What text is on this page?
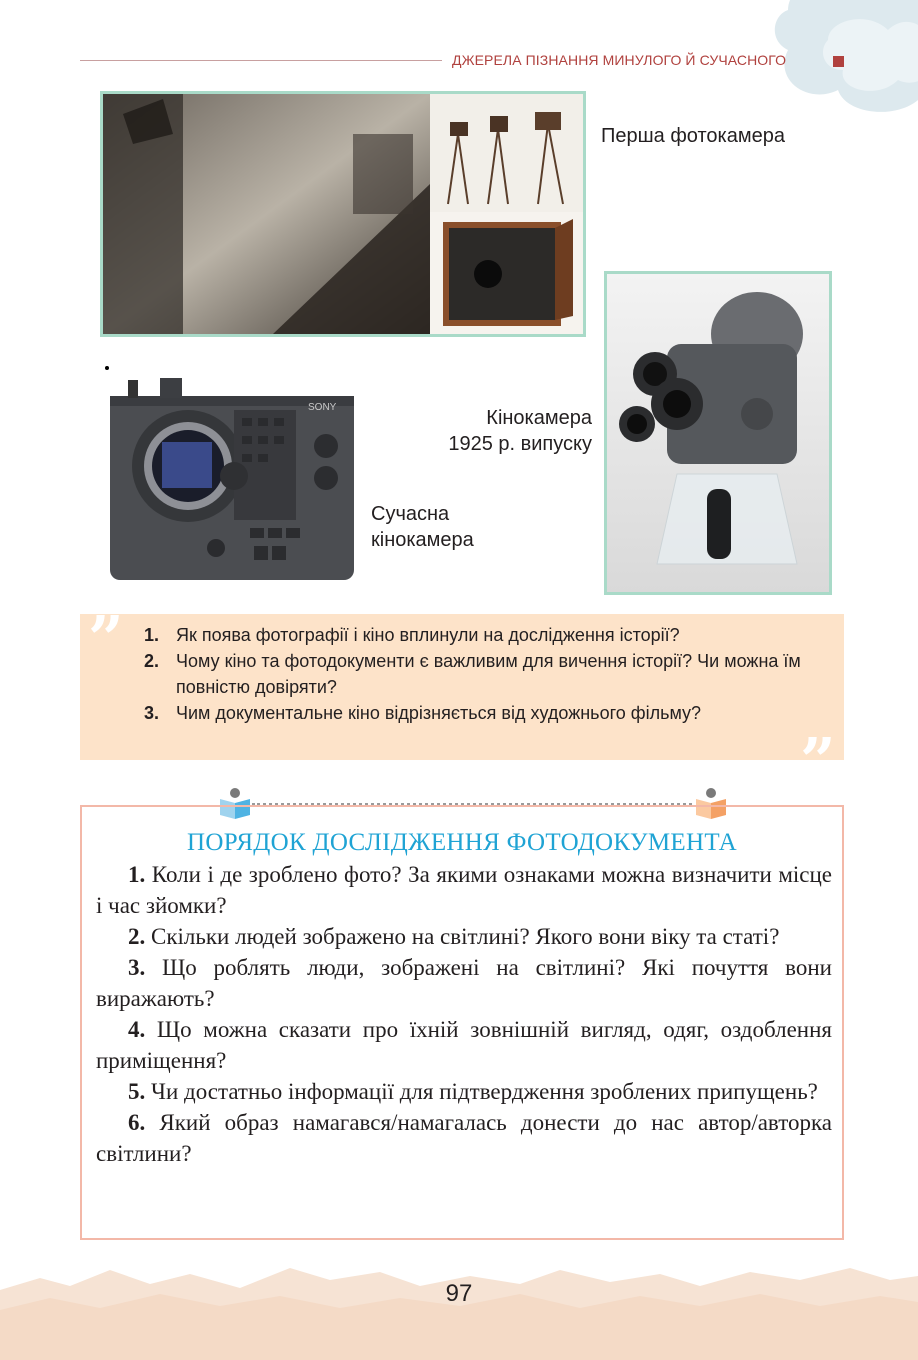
ДЖЕРЕЛА ПІЗНАННЯ МИНУЛОГО Й СУЧАСНОГО
Перша фотокамера
SONY
Сучасна
кінокамера
Кінокамера
1925 р. випуску
”
”
1. Як поява фотографії і кіно вплинули на дослідження історії?
2. Чому кіно та фотодокументи є важливим для вичення історії? Чи можна їм повністю довіряти?
3. Чим документальне кіно відрізняється від художнього фільму?
ПОРЯДОК ДОСЛІДЖЕННЯ ФОТОДОКУМЕНТА

1. Коли і де зроблено фото? За якими ознаками можна визначити місце і час зйомки?

2. Скільки людей зображено на світлині? Якого вони віку та статі?

3. Що роблять люди, зображені на світлині? Які почуття вони виражають?

4. Що можна сказати про їхній зовнішній вигляд, одяг, оздоблення приміщення?

5. Чи достатньо інформації для підтвердження зроблених припущень?

6. Який образ намагався/намагалась донести до нас автор/авторка світлини?

97
